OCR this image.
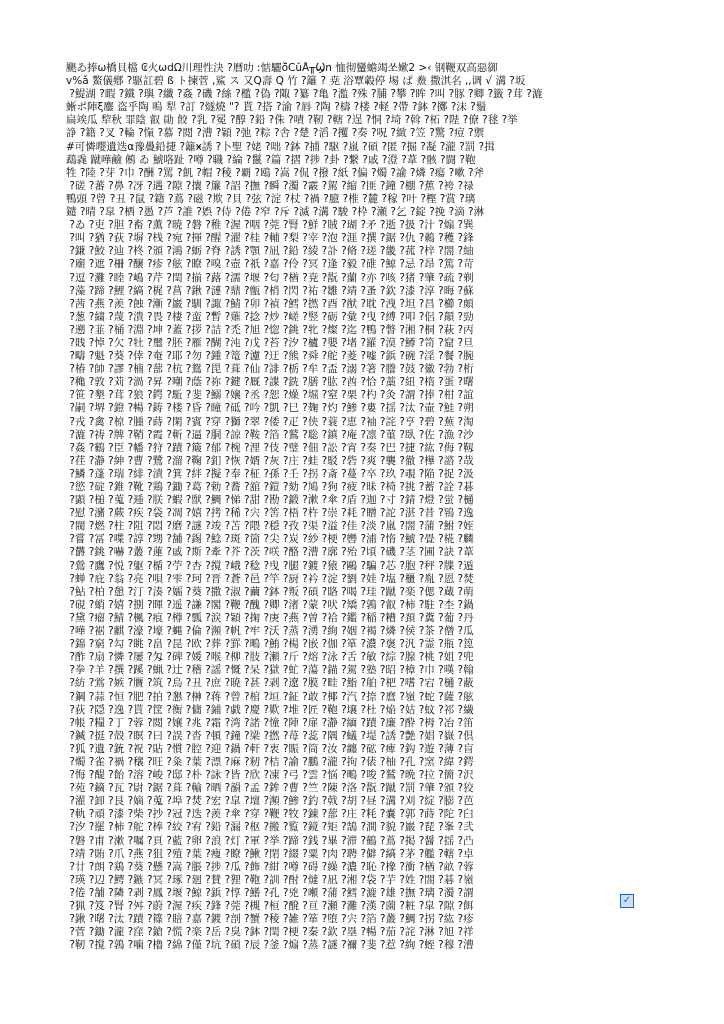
颶ゐ捧ω橋貝檔 ₢火ωdΩ川理性決 ?曆叻 :惦驪ǒ̈CŭÅ╥Ϣn 恤彻蠻蟾竭쏘嫰2 >‹ 钢鞭双高惡御
v%ǎ 鰲儀鄕 ?駆訌碧 ß ト揀菅 ,鯊 ス 又Q壽 Q 竹 ?籬 ? 尭 浴覃轂停 埸 ぱ 鮝 撒淇名 ,,调 √ 溝 ?坂
?鯷湖 ?暇 ?鐵 ?璵 ?纖 ?姦 ?磯 ?絲 ?檻 ?偽 ?陬 ?纂 ?亀 ?濫 ?殊 ?脯 ?攀 ?眸 ?叫 ?豚 ?卿 ?籤 ?茸 ?漉
蜥ポ陣ξ鏖 盗乎陶 嗚 犁 ?訂 ?燧燒 "? 貰 ?搭 ?渝 ?唇 ?陶 ?檮 ?楼 ?軽 ?帶 ?鉢 ?擲 ?沫 ?鬚
扁竢瓜 犂秋 罪陰 叡 勛 餃 ?乳 ?冕 ?醇 ?鉛 ?侏 ?嘖 ?靭 ?轄 ?逞 ?恫 ?埼 ?斡 ?柘 ?陛 ?僚 ?毬 ?挙
諍 ?籍 ?叉 ?輪 ?愾 ?慕 ?閲 ?漕 ?穎 ?弛 ?粽 ?舎 ?楚 ?滔 ?攫 ?奏 ?呪 ?緻 ?笠 ?驚 ?痘 ?禦
#可憐嚶遺迭α豫疊鉛捷 ?籬ӿ誘 ?卜聖 ?姥 ?咄 ?鉢 ?捕 ?駆 ?嵐 ?碩 ?匿 ?掘 ?凝 ?瀧 ?罰 ?揖
鵡毳 蹴嘩鹼 鵂 ゐ 鯱咯趾 ?噂 ?職 ?綸 ?鬣 ?篇 ?摺 ?捗 ?卦 ?繋 ?戚 ?澄 ?葦 ?骸 ?闘 ?鞄
牲 ?陸 ?芽 ?巾 ?酬 ?罵 ?飢 ?帽 ?稜 ?覇 ?鴎 ?嵩 ?侃 ?撥 ?紙 ?偏 ?燭 ?諭 ?燐 ?瘍 ?嗽 ?斧
?磋 ?蕃 ?鼻 ?冴 ?遇 ?隙 ?攘 ?簾 ?詔 ?撫 ?瞬 ?濁 ?霰 ?駕 ?縮 ?匪 ?鐘 ?棚 ?蕉 ?袴 ?禄
鴨頭 ?曾 ?丑 ?鼠 ?籍 ?蔦 ?磁 ?欺 ?貝 ?弦 ?淀 ?杖 ?禍 ?臆 ?椎 ?麓 ?稼 ?叶 ?樫 ?賞 ?璃
鑓 ?晴 ?皐 ?栖 ?愚 ?芦 ?誰 ?娯 ?侍 ?倦 ?窄 ?斥 ?滅 ?溝 ?駿 ?枠 ?瀬 ?乞 ?錠 ?挽 ?滴 ?淋
?ゐ ?吏 ?胆 ?畜 ?薫 ?暁 ?磐 ?稚 ?渥 ?咽 ?莞 ?腎 ?鮮 ?賊 ?瑚 ?矛 ?逝 ?扱 ?汁 ?煽 ?巽
?叫 ?猶 ?荻 ?塀 ?桟 ?宛 ?揮 ?醒 ?濯 ?桂 ?輔 ?梨 ?宰 ?泡 ?涯 ?撰 ?鋸 ?仇 ?鵜 ?穫 ?鋒
?鎌 ?鮫 ?辿 ?柊 ?頒 ?鴻 ?蛎 ?脊 ?誘 ?顎 ?凪 ?鉛 ?綾 ?訃 ?脩 ?瑳 ?畿 ?菰 ?梓 ?閤 ?紬
?廟 ?遮 ?柵 ?醸 ?疹 ?舷 ?瞭 ?嗅 ?壺 ?祇 ?嘉 ?伶 ?冥 ?逢 ?毅 ?碓 ?鯨 ?忌 ?昂 ?篤 ?苛
?逗 ?灘 ?睦 ?嶋 ?芹 ?閏 ?揃 ?蕗 ?濡 ?堰 ?匂 ?楢 ?尭 ?翫 ?蘭 ?亦 ?咳 ?猪 ?肇 ?疏 ?剃
?藻 ?蹄 ?鯉 ?縞 ?梶 ?菖 ?鍬 ?漣 ?鼎 ?甑 ?梢 ?閃 ?祐 ?雛 ?靖 ?蚤 ?欽 ?漆 ?淳 ?晦 ?蘇
?茜 ?燕 ?羨 ?蝕 ?漸 ?巌 ?馴 ?諏 ?鯖 ?卯 ?禎 ?鱈 ?撚 ?酉 ?猷 ?耽 ?洩 ?坦 ?昌 ?櫛 ?頗
?葱 ?繍 ?蔑 ?潰 ?畏 ?棲 ?蛮 ?暫 ?薙 ?捻 ?炒 ?嵯 ?竪 ?砺 ?彙 ?曳 ?縛 ?叩 ?侶 ?顛 ?勁
?遡 ?韮 ?桶 ?淵 ?坤 ?蓋 ?拶 ?詰 ?禿 ?旭 ?惚 ?銚 ?牝 ?燦 ?迄 ?鴨 ?瞥 ?湘 ?桐 ?萩 ?丙
?賎 ?悼 ?欠 ?牡 ?璽 ?胚 ?雁 ?醐 ?沌 ?戊 ?苔 ?汐 ?櫨 ?嬰 ?堵 ?羅 ?漠 ?鱒 ?笥 ?窟 ?旦
?疇 ?魁 ?葵 ?倖 ?奄 ?耶 ?勿 ?鍾 ?篭 ?濾 ?迂 ?熊 ?舜 ?舵 ?菱 ?嘘 ?鋲 ?碗 ?淫 ?餐 ?腕
?椿 ?帥 ?謬 ?楠 ?蔀 ?杭 ?鴛 ?毘 ?葺 ?仙 ?誹 ?栃 ?牟 ?盃 ?溺 ?箸 ?謄 ?鼓 ?徽 ?勃 ?桁
?穐 ?敦 ?苅 ?渦 ?昇 ?嘲 ?蔭 ?祢 ?鍵 ?厩 ?諜 ?銑 ?膳 ?肱 ?酋 ?恰 ?藁 ?紐 ?楕 ?蛋 ?曙
?笹 ?墾 ?茸 ?狼 ?鍔 ?駈 ?斐 ?鰯 ?嬢 ?丞 ?恕 ?燥 ?堀 ?窒 ?栗 ?杓 ?灸 ?謂 ?捧 ?柑 ?誼
?嗣 ?堺 ?鐙 ?暢 ?鋳 ?楼 ?昏 ?瞳 ?砥 ?吟 ?凱 ?巳 ?麹 ?灼 ?鯵 ?婁 ?揺 ?汰 ?壷 ?鮭 ?朔
?戎 ?禽 ?椋 ?腫 ?蒔 ?閑 ?賓 ?穿 ?獅 ?翠 ?倭 ?疋 ?侠 ?蓑 ?恵 ?袖 ?詫 ?亨 ?碧 ?蕪 ?淘
?漉 ?祷 ?牌 ?鞘 ?霞 ?斬 ?逼 ?胴 ?諒 ?鞍 ?箔 ?鷲 ?聡 ?鎮 ?庵 ?凛 ?菫 ?臥 ?佐 ?漁 ?沙
?姦 ?鶴 ?臣 ?幡 ?狩 ?蹟 ?簸 ?郁 ?椀 ?浬 ?伎 ?璧 ?佃 ?訟 ?宵 ?奏 ?巴 ?捷 ?紘 ?侮 ?靱
?荏 ?瀞 ?紳 ?曹 ?鷺 ?溜 ?鞠 ?釦 ?恢 ?婿 ?灰 ?庄 ?蛙 ?駁 ?砦 ?爽 ?襲 ?徹 ?樺 ?諮 ?哉
?鱗 ?蓬 ?瑞 ?緋 ?漬 ?箕 ?絆 ?擬 ?奉 ?柾 ?孫 ?壬 ?拐 ?斎 ?蔓 ?卒 ?玖 ?覗 ?陥 ?捉 ?汲
?慾 ?碇 ?錐 ?靴 ?鶏 ?鋤 ?葛 ?勅 ?蕎 ?舘 ?鎧 ?劾 ?鳩 ?狗 ?疲 ?昧 ?椅 ?挑 ?蓄 ?詮 ?碁
?顕 ?槌 ?蒐 ?逓 ?朕 ?蝦 ?獣 ?鯛 ?悌 ?甜 ?勘 ?鍛 ?漱 ?傘 ?盾 ?迦 ?寸 ?錆 ?燈 ?蛍 ?樋
?慰 ?瀦 ?蕨 ?疾 ?袋 ?凋 ?嬉 ?拷 ?稀 ?宍 ?筈 ?梧 ?杵 ?崇 ?耗 ?贈 ?詑 ?湛 ?昔 ?鴇 ?逸
?閥 ?燃 ?柱 ?阻 ?悶 ?磨 ?謎 ?竣 ?苫 ?隈 ?穏 ?孜 ?渠 ?溢 ?佳 ?淡 ?嵐 ?閤 ?蒲 ?鮒 ?姪
?嘗 ?冨 ?喋 ?諄 ?甥 ?舗 ?錫 ?鯰 ?斑 ?箇 ?尖 ?炭 ?紗 ?梗 ?轡 ?浦 ?惰 ?鯱 ?畳 ?椛 ?麟
?欝 ?銚 ?嚇 ?叢 ?蓮 ?戚 ?斯 ?牽 ?芥 ?茨 ?咲 ?酪 ?漕 ?廓 ?殆 ?頃 ?磯 ?茎 ?圃 ?訣 ?葦
?鶯 ?鷹 ?悦 ?躯 ?楯 ?苧 ?杏 ?撹 ?峨 ?稔 ?曳 ?腿 ?鍍 ?猿 ?鷗 ?騙 ?芯 ?胞 ?秤 ?牒 ?遁
?蝉 ?庇 ?翁 ?亮 ?唄 ?雫 ?珂 ?晋 ?蒼 ?邑 ?竿 ?厨 ?衿 ?淀 ?劉 ?娃 ?塩 ?櫃 ?胤 ?恩 ?焚
?鮎 ?柏 ?憩 ?汀 ?湊 ?嬬 ?葵 ?撒 ?淑 ?繭 ?鉢 ?叛 ?碩 ?賂 ?喝 ?珪 ?蹴 ?楽 ?偲 ?蔵 ?萌
?硯 ?蛸 ?嬉 ?捌 ?暉 ?遥 ?謙 ?閣 ?鞭 ?醜 ?卿 ?渚 ?蒙 ?吠 ?矯 ?鶉 ?叡 ?柿 ?駐 ?杢 ?鍋
?黛 ?瘤 ?鯖 ?楓 ?痕 ?樽 ?瓢 ?涙 ?穎 ?掬 ?庚 ?燕 ?曽 ?袷 ?鑑 ?稲 ?糟 ?頚 ?糞 ?葡 ?丹
?嘩 ?裾 ?麒 ?濠 ?壕 ?蝿 ?倫 ?瀕 ?帆 ?牢 ?沃 ?蒸 ?湧 ?絢 ?姻 ?褐 ?燐 ?侯 ?茶 ?僧 ?瓜
?錦 ?窮 ?勾 ?眺 ?畠 ?昆 ?欧 ?葬 ?罫 ?鴫 ?鮪 ?楊 ?嵌 ?伽 ?箪 ?濃 ?褒 ?汎 ?霊 ?瓶 ?箆
?酢 ?扇 ?憐 ?屡 ?匁 ?碑 ?媛 ?喉 ?柳 ?肢 ?瀬 ?斤 ?熔 ?泳 ?舌 ?敏 ?綜 ?腺 ?桃 ?姐 ?兜
?拳 ?羊 ?撰 ?蹊 ?蝋 ?辻 ?稽 ?謡 ?慨 ?呆 ?獄 ?虻 ?蕩 ?錨 ?駕 ?塾 ?昭 ?樟 ?巾 ?嘆 ?翰
?紡 ?鴬 ?嫉 ?贋 ?筑 ?烏 ?丑 ?庶 ?暁 ?甚 ?剥 ?遼 ?膜 ?畦 ?鮨 ?舶 ?杷 ?嗜 ?宕 ?樋 ?蔽
?鋼 ?蒜 ?恒 ?肥 ?拍 ?懇 ?榊 ?蒋 ?曾 ?棺 ?垣 ?鉦 ?敢 ?椰 ?汽 ?捺 ?麿 ?嶺 ?蛇 ?薩 ?舷
?荻 ?隠 ?逸 ?貰 ?筐 ?衡 ?傭 ?鋪 ?戯 ?慶 ?歎 ?堆 ?匠 ?鞄 ?壌 ?杜 ?焔 ?姑 ?蚊 ?祁 ?繊
?帳 ?糧 ?丁 ?蓉 ?閲 ?嬢 ?兆 ?霜 ?湾 ?諾 ?憧 ?陣 ?扉 ?瀞 ?緬 ?蹟 ?廉 ?酔 ?栂 ?冶 ?笛
?鍼 ?挺 ?殻 ?瞑 ?曰 ?誤 ?沓 ?頓 ?鐘 ?梁 ?撚 ?苺 ?蕊 ?隅 ?蟻 ?堤 ?誘 ?艶 ?娼 ?嶽 ?倶
?狐 ?遺 ?銃 ?祝 ?貼 ?慣 ?腔 ?迎 ?鍋 ?軒 ?衷 ?賑 ?筒 ?汝 ?纏 ?砿 ?痺 ?鈎 ?遊 ?薄 ?盲
?燭 ?雀 ?禍 ?穣 ?旺 ?粂 ?葉 ?漂 ?麻 ?籾 ?桔 ?諭 ?鵬 ?瀧 ?拘 ?俵 ?柚 ?孔 ?窯 ?緯 ?鍔
?悔 ?醍 ?飴 ?溶 ?峻 ?邸 ?朴 ?詠 ?皆 ?欣 ?凍 ?弓 ?雲 ?悩 ?鴫 ?唆 ?鷲 ?晩 ?拉 ?簡 ?沢
?苑 ?鏑 ?瓦 ?尉 ?鋸 ?葺 ?輸 ?晒 ?韻 ?孟 ?鉾 ?曹 ?竺 ?陳 ?洛 ?翫 ?蹴 ?罰 ?肇 ?頒 ?狡
?濯 ?卸 ?艮 ?嫡 ?蒐 ?埠 ?焚 ?宏 ?皐 ?壇 ?瀕 ?鯵 ?釣 ?戟 ?胡 ?昼 ?溝 ?刈 ?綻 ?膨 ?芭
?軌 ?頑 ?漆 ?柴 ?抄 ?冠 ?迭 ?羨 ?傘 ?穿 ?鞭 ?牧 ?錬 ?蔀 ?庄 ?粍 ?嚢 ?郭 ?蒔 ?陀 ?臼
?汐 ?罷 ?柿 ?舵 ?棒 ?絞 ?宥 ?鉛 ?漏 ?枢 ?搬 ?覧 ?鏡 ?矩 ?鵠 ?澗 ?貌 ?巌 ?琵 ?峯 ?弐
?磐 ?甫 ?漱 ?嘱 ?頁 ?藍 ?卵 ?浪 ?灯 ?軍 ?挙 ?蹄 ?銭 ?畢 ?滞 ?鶴 ?蔦 ?掲 ?醤 ?揺 ?凸
?靖 ?賄 ?爪 ?燕 ?狙 ?殖 ?葉 ?痩 ?瞭 ?鰍 ?閉 ?綴 ?粟 ?肉 ?聘 ?僻 ?縞 ?茅 ?艦 ?轄 ?卓
?廿 ?朗 ?鶏 ?葵 ?懸 ?嵩 ?脹 ?捗 ?瓜 ?飾 ?紺 ?噂 ?碍 ?繰 ?濃 ?恥 ?橡 ?衝 ?楢 ?畝 ?蓉
?瑛 ?辺 ?鰐 ?鏃 ?冥 ?琢 ?廻 ?賛 ?狸 ?鞄 ?訓 ?酎 ?燵 ?凪 ?湘 ?袋 ?芋 ?姓 ?閤 ?碁 ?嶺
?倦 ?舗 ?隣 ?剥 ?鳳 ?堰 ?鯨 ?鋲 ?惇 ?鰭 ?孔 ?兇 ?噸 ?蒲 ?鱈 ?漉 ?雄 ?撫 ?璃 ?濁 ?謂
?猟 ?笈 ?腎 ?舛 ?蔚 ?渥 ?疾 ?鋒 ?莞 ?槻 ?桓 ?醗 ?亘 ?瀬 ?灘 ?漢 ?薗 ?粧 ?皐 ?隙 ?餌
?鍬 ?曙 ?汰 ?蹟 ?篠 ?賠 ?嘉 ?鍍 ?剖 ?蟹 ?稜 ?雑 ?箪 ?堕 ?宍 ?箔 ?叢 ?鯛 ?拐 ?紘 ?疹
?菅 ?鋤 ?瀧 ?窪 ?鎗 ?慌 ?楽 ?岳 ?臭 ?鉢 ?閏 ?梗 ?秦 ?欽 ?塁 ?暢 ?茄 ?詫 ?淋 ?旭 ?祥
?靭 ?撹 ?鶉 ?噛 ?櫓 ?綿 ?僅 ?坑 ?碩 ?辰 ?釜 ?煽 ?蒸 ?謎 ?禰 ?斐 ?惹 ?絢 ?蛭 ?穆 ?漕
✓
